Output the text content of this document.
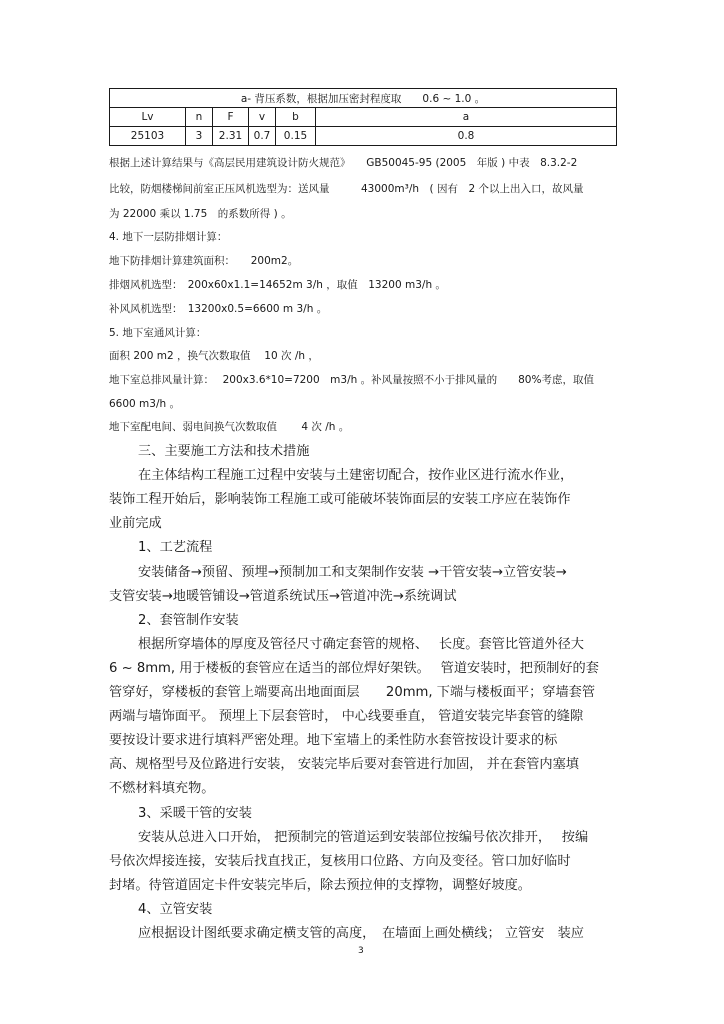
a- 背压系数，根据加压密封程度取　　0.6 ~ 1.0 。					
Lv	n	F	v	b	a
25103	3	2.31	0.7	0.15	0.8
根据上述计算结果与《高层民用建筑设计防火规范》　　GB50045-95 (2005　年版 ) 中表　8.3.2-2
比较，防烟楼梯间前室正压风机选型为：送风量　　　43000m³/h　( 因有　2 个以上出入口，故风量
为 22000 乘以 1.75　的系数所得 ) 。
4. 地下一层防排烟计算：
地下防排烟计算建筑面积：　　200m2。
排烟风机选型：　200x60x1.1=14652m 3/h ，取值　13200 m3/h 。
补风风机选型：　13200x0.5=6600 m 3/h 。
5. 地下室通风计算：
面积 200 m2 ，换气次数取值　 10 次 /h ，
地下室总排风量计算：　 200x3.6*10=7200　m3/h 。补风量按照不小于排风量的　　80%考虑，取值
6600 m3/h 。
地下室配电间、弱电间换气次数取值　　 4 次 /h 。
三、主要施工方法和技术措施
在主体结构工程施工过程中安装与土建密切配合，按作业区进行流水作业，
装饰工程开始后，影响装饰工程施工或可能破坏装饰面层的安装工序应在装饰作
业前完成
1、工艺流程
安装储备→预留、预埋→预制加工和支架制作安装 →干管安装→立管安装→
支管安装→地暖管铺设→管道系统试压→管道冲洗→系统调试
2、套管制作安装
根据所穿墙体的厚度及管径尺寸确定套管的规格、　 长度。套管比管道外径大
6 ~ 8mm, 用于楼板的套管应在适当的部位焊好架铁。　 管道安装时，把预制好的套
管穿好，穿楼板的套管上端要高出地面面层　　20mm, 下端与楼板面平；穿墙套管
两端与墙饰面平。 预埋上下层套管时， 中心线要垂直， 管道安装完毕套管的缝隙
要按设计要求进行填料严密处理。地下室墙上的柔性防水套管按设计要求的标
高、规格型号及位路进行安装， 安装完毕后要对套管进行加固， 并在套管内塞填
不燃材料填充物。
3、采暖干管的安装
安装从总进入口开始， 把预制完的管道运到安装部位按编号依次排开，　 按编
号依次焊接连接，安装后找直找正，复核用口位路、方向及变径。管口加好临时
封堵。待管道固定卡件安装完毕后，除去预拉伸的支撑物，调整好坡度。
4、立管安装
应根据设计图纸要求确定横支管的高度，　在墙面上画处横线； 立管安　装应
3
